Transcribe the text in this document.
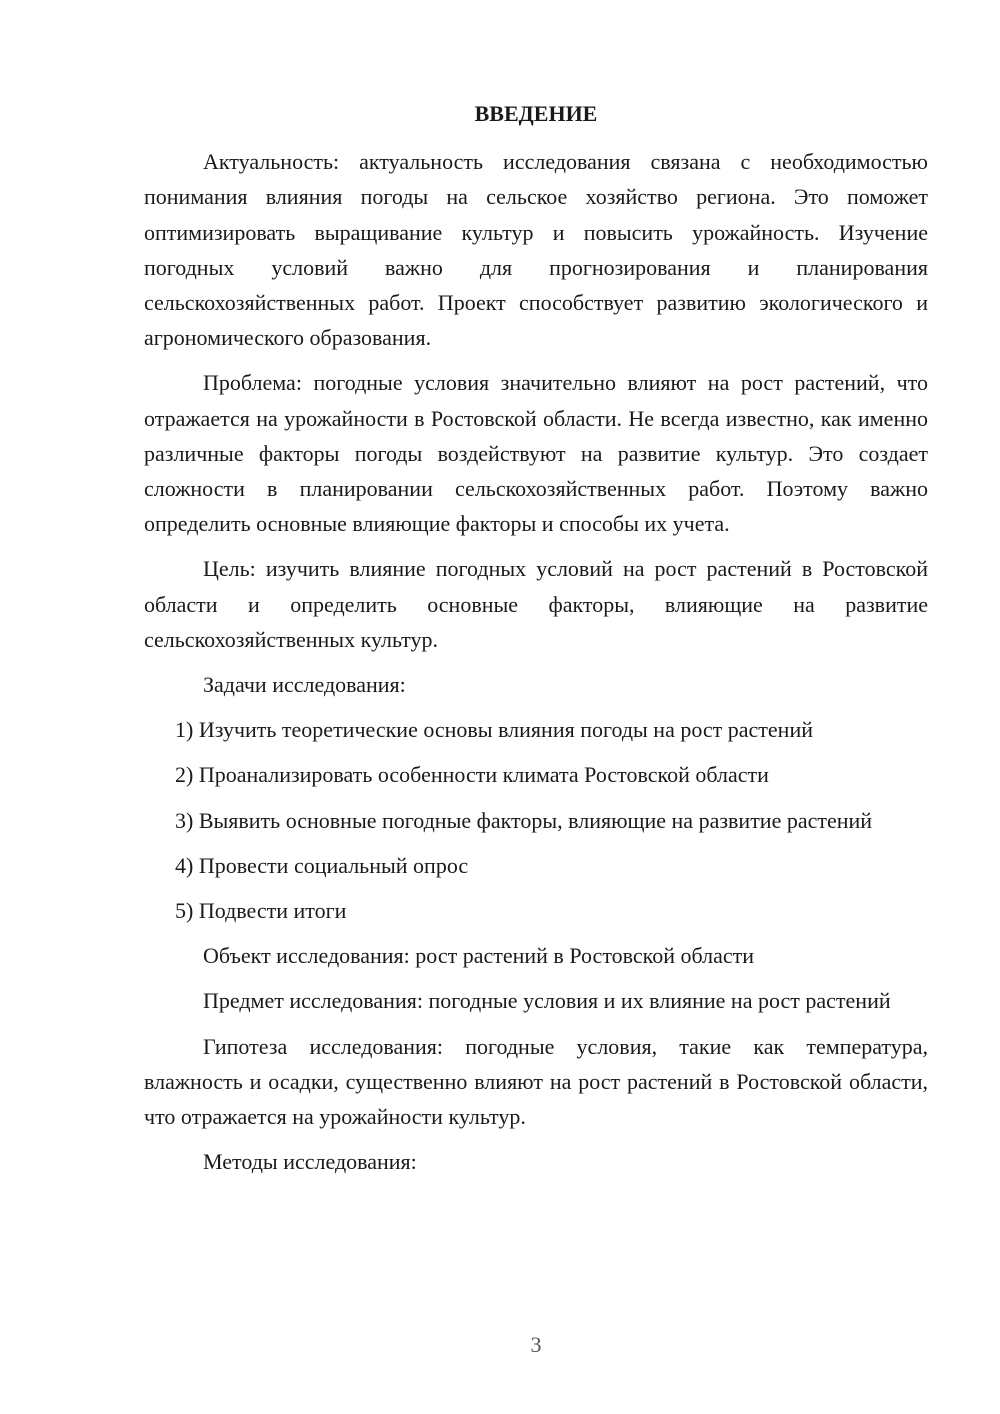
ВВЕДЕНИЕ

Актуальность: актуальность исследования связана с необходимостью понимания влияния погоды на сельское хозяйство региона. Это поможет оптимизировать выращивание культур и повысить урожайность. Изучение погодных условий важно для прогнозирования и планирования сельскохозяйственных работ. Проект способствует развитию экологического и агрономического образования.

Проблема: погодные условия значительно влияют на рост растений, что отражается на урожайности в Ростовской области. Не всегда известно, как именно различные факторы погоды воздействуют на развитие культур. Это создает сложности в планировании сельскохозяйственных работ. Поэтому важно определить основные влияющие факторы и способы их учета.

Цель: изучить влияние погодных условий на рост растений в Ростовской области и определить основные факторы, влияющие на развитие сельскохозяйственных культур.

Задачи исследования:

1) Изучить теоретические основы влияния погоды на рост растений

2) Проанализировать особенности климата Ростовской области

3) Выявить основные погодные факторы, влияющие на развитие растений

4) Провести социальный опрос

5) Подвести итоги

Объект исследования: рост растений в Ростовской области

Предмет исследования: погодные условия и их влияние на рост растений

Гипотеза исследования: погодные условия, такие как температура, влажность и осадки, существенно влияют на рост растений в Ростовской области, что отражается на урожайности культур.

Методы исследования:

3
